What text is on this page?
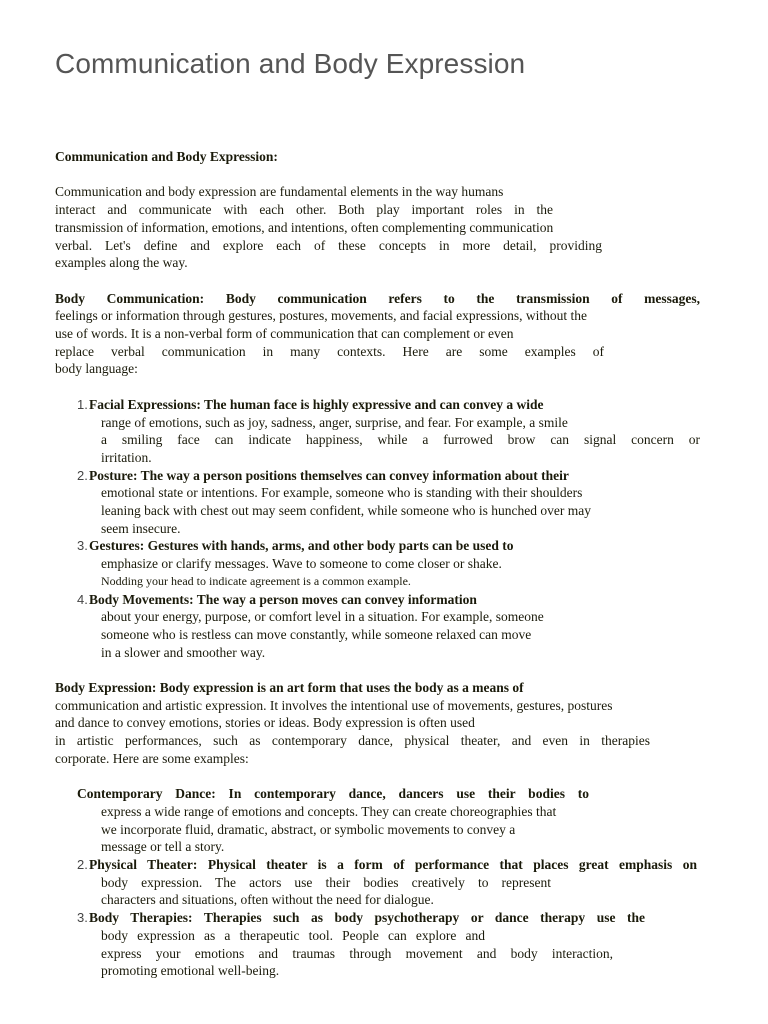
Communication and Body Expression

Communication and Body Expression:

Communication and body expression are fundamental elements in the way humans

interact and communicate with each other. Both play important roles in the

transmission of information, emotions, and intentions, often complementing communication

verbal. Let's define and explore each of these concepts in more detail, providing

examples along the way.

Body Communication: Body communication refers to the transmission of messages,

feelings or information through gestures, postures, movements, and facial expressions, without the

use of words. It is a non-verbal form of communication that can complement or even

replace verbal communication in many contexts. Here are some examples of

body language:

1. Facial Expressions: The human face is highly expressive and can convey a wide

range of emotions, such as joy, sadness, anger, surprise, and fear. For example, a smile

a smiling face can indicate happiness, while a furrowed brow can signal concern or

irritation.

2. Posture: The way a person positions themselves can convey information about their

emotional state or intentions. For example, someone who is standing with their shoulders

leaning back with chest out may seem confident, while someone who is hunched over may

seem insecure.

3. Gestures: Gestures with hands, arms, and other body parts can be used to

emphasize or clarify messages. Wave to someone to come closer or shake.

Nodding your head to indicate agreement is a common example.

4. Body Movements: The way a person moves can convey information

about your energy, purpose, or comfort level in a situation. For example, someone

someone who is restless can move constantly, while someone relaxed can move

in a slower and smoother way.

Body Expression: Body expression is an art form that uses the body as a means of

communication and artistic expression. It involves the intentional use of movements, gestures, postures

and dance to convey emotions, stories or ideas. Body expression is often used

in artistic performances, such as contemporary dance, physical theater, and even in therapies

corporate. Here are some examples:

Contemporary Dance: In contemporary dance, dancers use their bodies to

express a wide range of emotions and concepts. They can create choreographies that

we incorporate fluid, dramatic, abstract, or symbolic movements to convey a

message or tell a story.

2. Physical Theater: Physical theater is a form of performance that places great emphasis on

body expression. The actors use their bodies creatively to represent

characters and situations, often without the need for dialogue.

3. Body Therapies: Therapies such as body psychotherapy or dance therapy use the

body expression as a therapeutic tool. People can explore and

express your emotions and traumas through movement and body interaction,

promoting emotional well-being.
